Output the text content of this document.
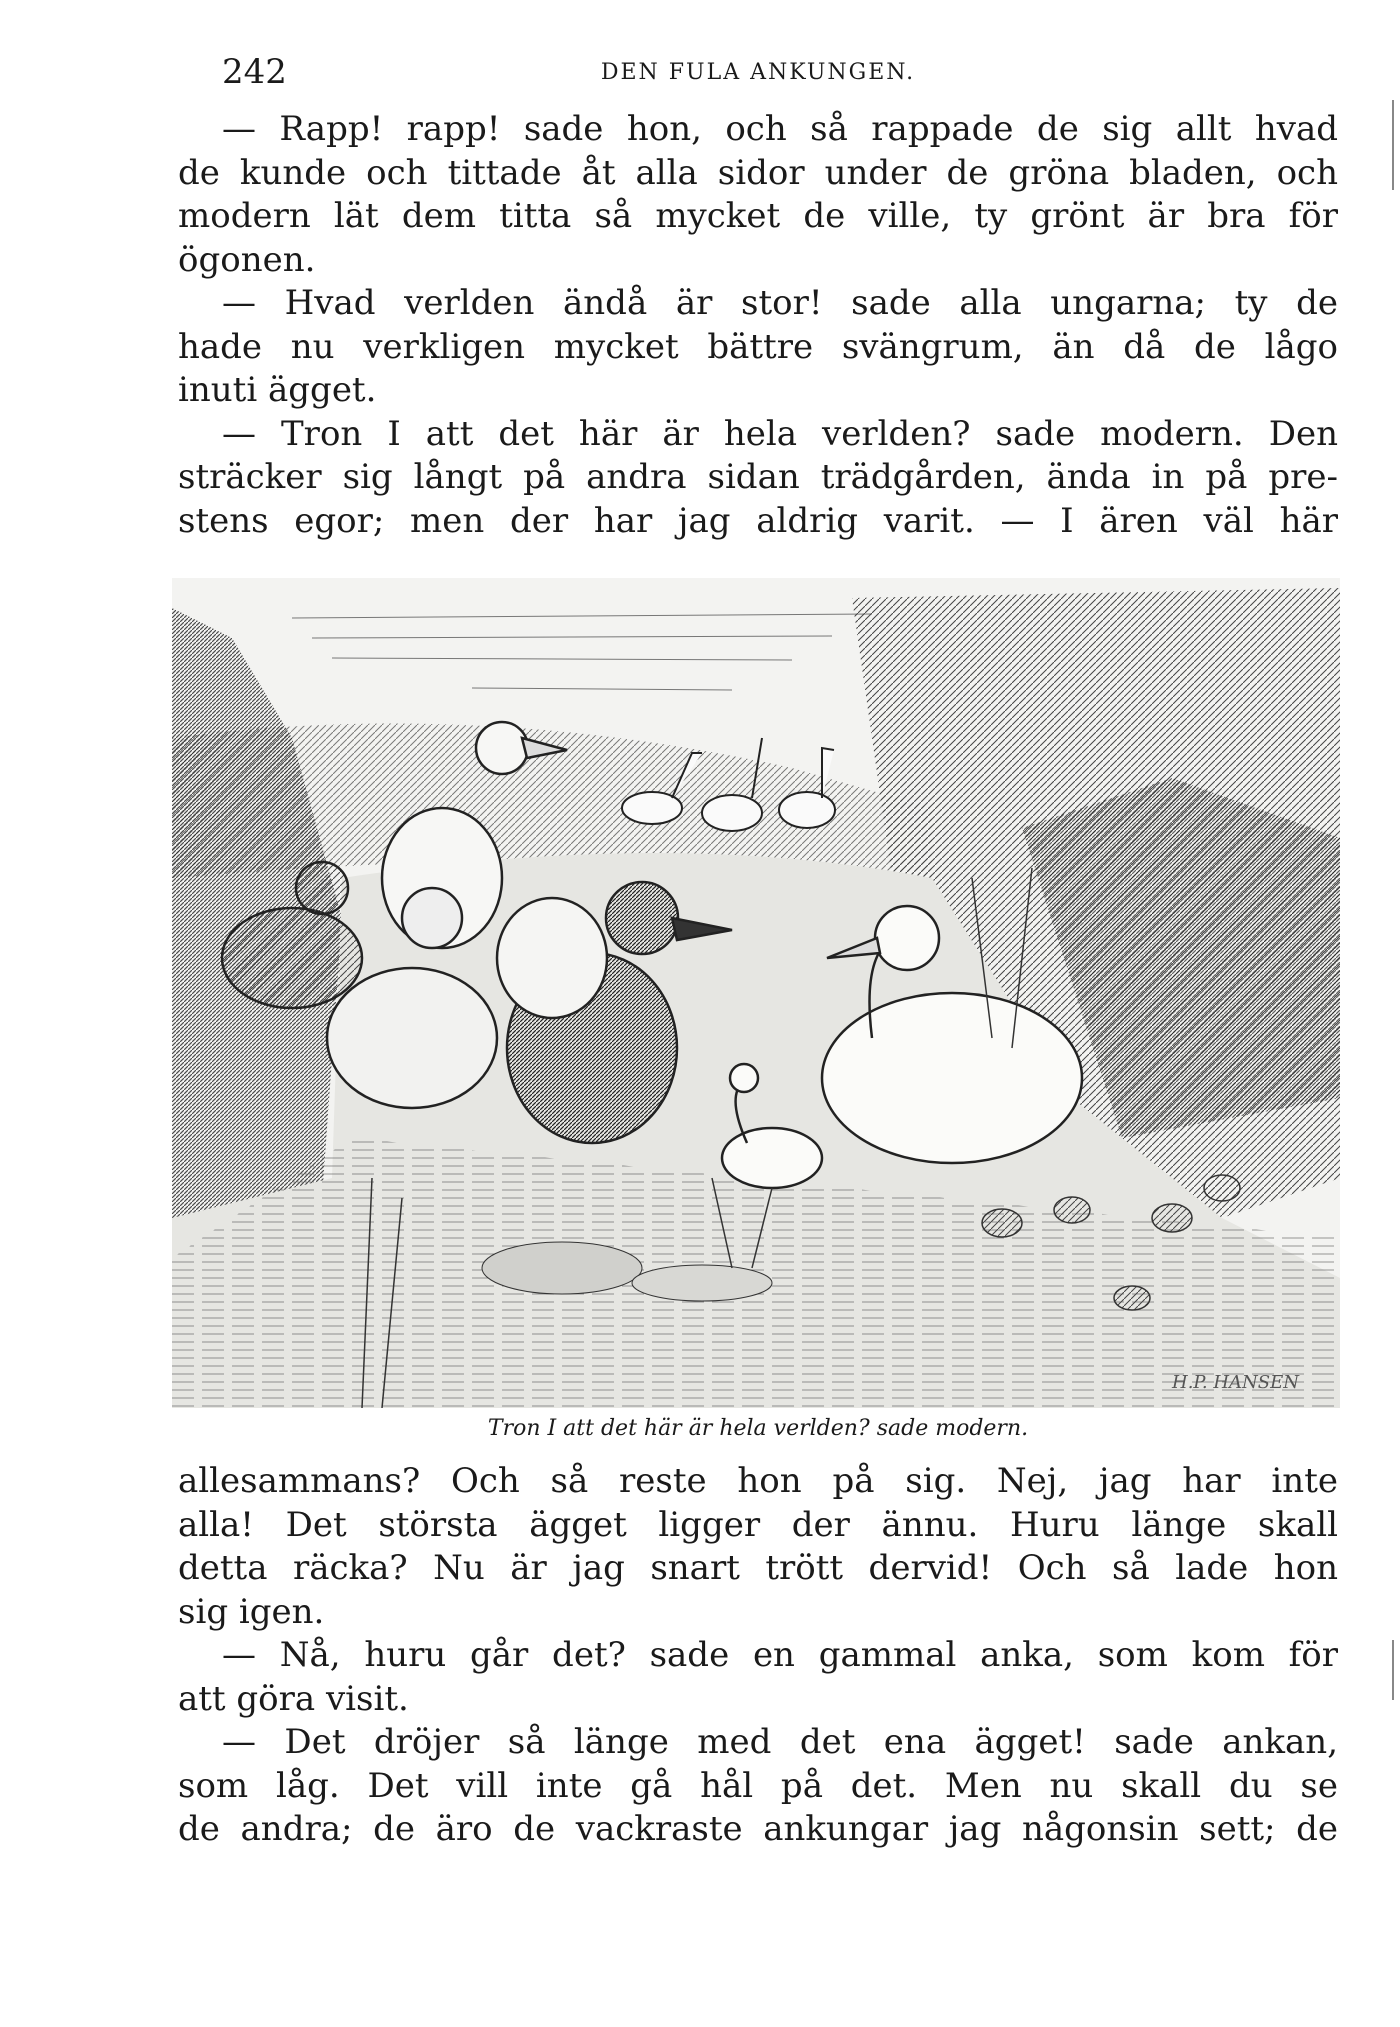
242	DEN FULA ANKUNGEN.
— Rapp! rapp! sade hon, och så rappade de sig allt hvad
de kunde och tittade åt alla sidor under de gröna bladen, och
modern lät dem titta så mycket de ville, ty grönt är bra för
ögonen.
— Hvad verlden ändå är stor! sade alla ungarna; ty de
hade nu verkligen mycket bättre svängrum, än då de lågo
inuti ägget.
— Tron I att det här är hela verlden? sade modern. Den
sträcker sig långt på andra sidan trädgården, ända in på pre-
stens egor; men der har jag aldrig varit. — I ären väl här
H.P. HANSEN
Tron I att det här är hela verlden? sade modern.
allesammans? Och så reste hon på sig. Nej, jag har inte
alla! Det största ägget ligger der ännu. Huru länge skall
detta räcka? Nu är jag snart trött dervid! Och så lade hon
sig igen.
— Nå, huru går det? sade en gammal anka, som kom för
att göra visit.
— Det dröjer så länge med det ena ägget! sade ankan,
som låg. Det vill inte gå hål på det. Men nu skall du se
de andra; de äro de vackraste ankungar jag någonsin sett; de
